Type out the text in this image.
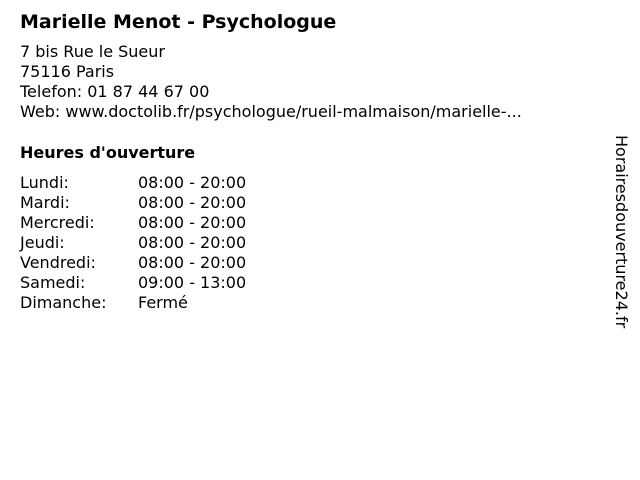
Marielle Menot - Psychologue
7 bis Rue le Sueur
75116 Paris
Telefon: 01 87 44 67 00
Web: www.doctolib.fr/psychologue/rueil-malmaison/marielle-...
Heures d'ouverture
Lundi:	08:00 - 20:00
Mardi:	08:00 - 20:00
Mercredi:	08:00 - 20:00
Jeudi:	08:00 - 20:00
Vendredi:	08:00 - 20:00
Samedi:	09:00 - 13:00
Dimanche:	Fermé	Horairesdouverture24.fr
